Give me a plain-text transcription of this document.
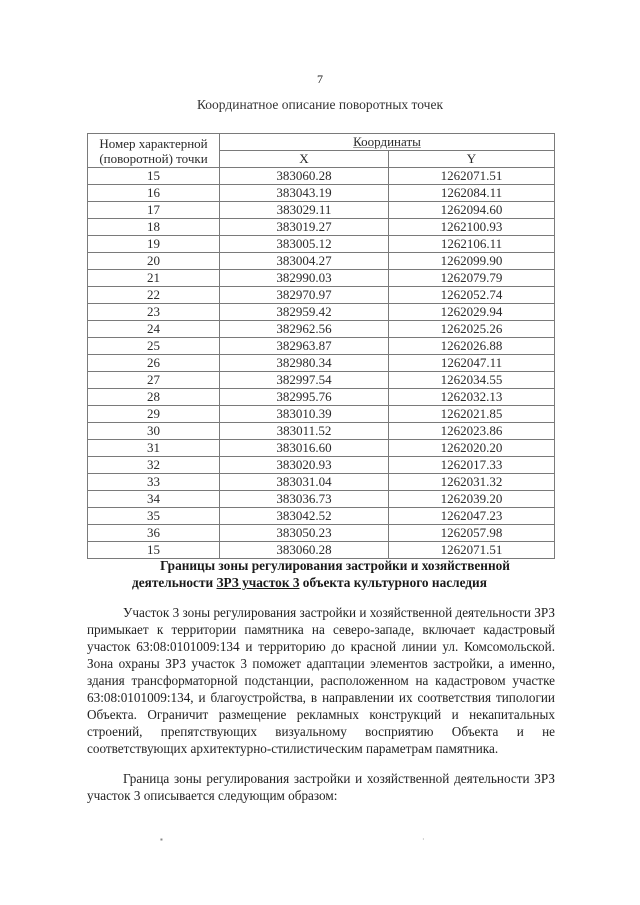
7
Координатное описание поворотных точек
Номер характерной
(поворотной) точки	Координаты	
	X	Y
15	383060.28	1262071.51
16	383043.19	1262084.11
17	383029.11	1262094.60
18	383019.27	1262100.93
19	383005.12	1262106.11
20	383004.27	1262099.90
21	382990.03	1262079.79
22	382970.97	1262052.74
23	382959.42	1262029.94
24	382962.56	1262025.26
25	382963.87	1262026.88
26	382980.34	1262047.11
27	382997.54	1262034.55
28	382995.76	1262032.13
29	383010.39	1262021.85
30	383011.52	1262023.86
31	383016.60	1262020.20
32	383020.93	1262017.33
33	383031.04	1262031.32
34	383036.73	1262039.20
35	383042.52	1262047.23
36	383050.23	1262057.98
15	383060.28	1262071.51
Границы зоны регулирования застройки и хозяйственной
деятельности ЗРЗ участок 3 объекта культурного наследия

Участок 3 зоны регулирования застройки и хозяйственной деятельности ЗРЗ примыкает к территории памятника на северо-западе, включает кадастровый участок 63:08:0101009:134 и территорию до красной линии ул. Комсомольской. Зона охраны ЗРЗ участок 3 поможет адаптации элементов застройки, а именно, здания трансформаторной подстанции, расположенном на кадастровом участке 63:08:0101009:134, и благоустройства, в направлении их соответствия типологии Объекта. Ограничит размещение рекламных конструкций и некапитальных строений, препятствующих визуальному восприятию Объекта и не соответствующих архитектурно-стилистическим параметрам памятника.

Граница зоны регулирования застройки и хозяйственной деятельности ЗРЗ участок 3 описывается следующим образом:

▪	·
